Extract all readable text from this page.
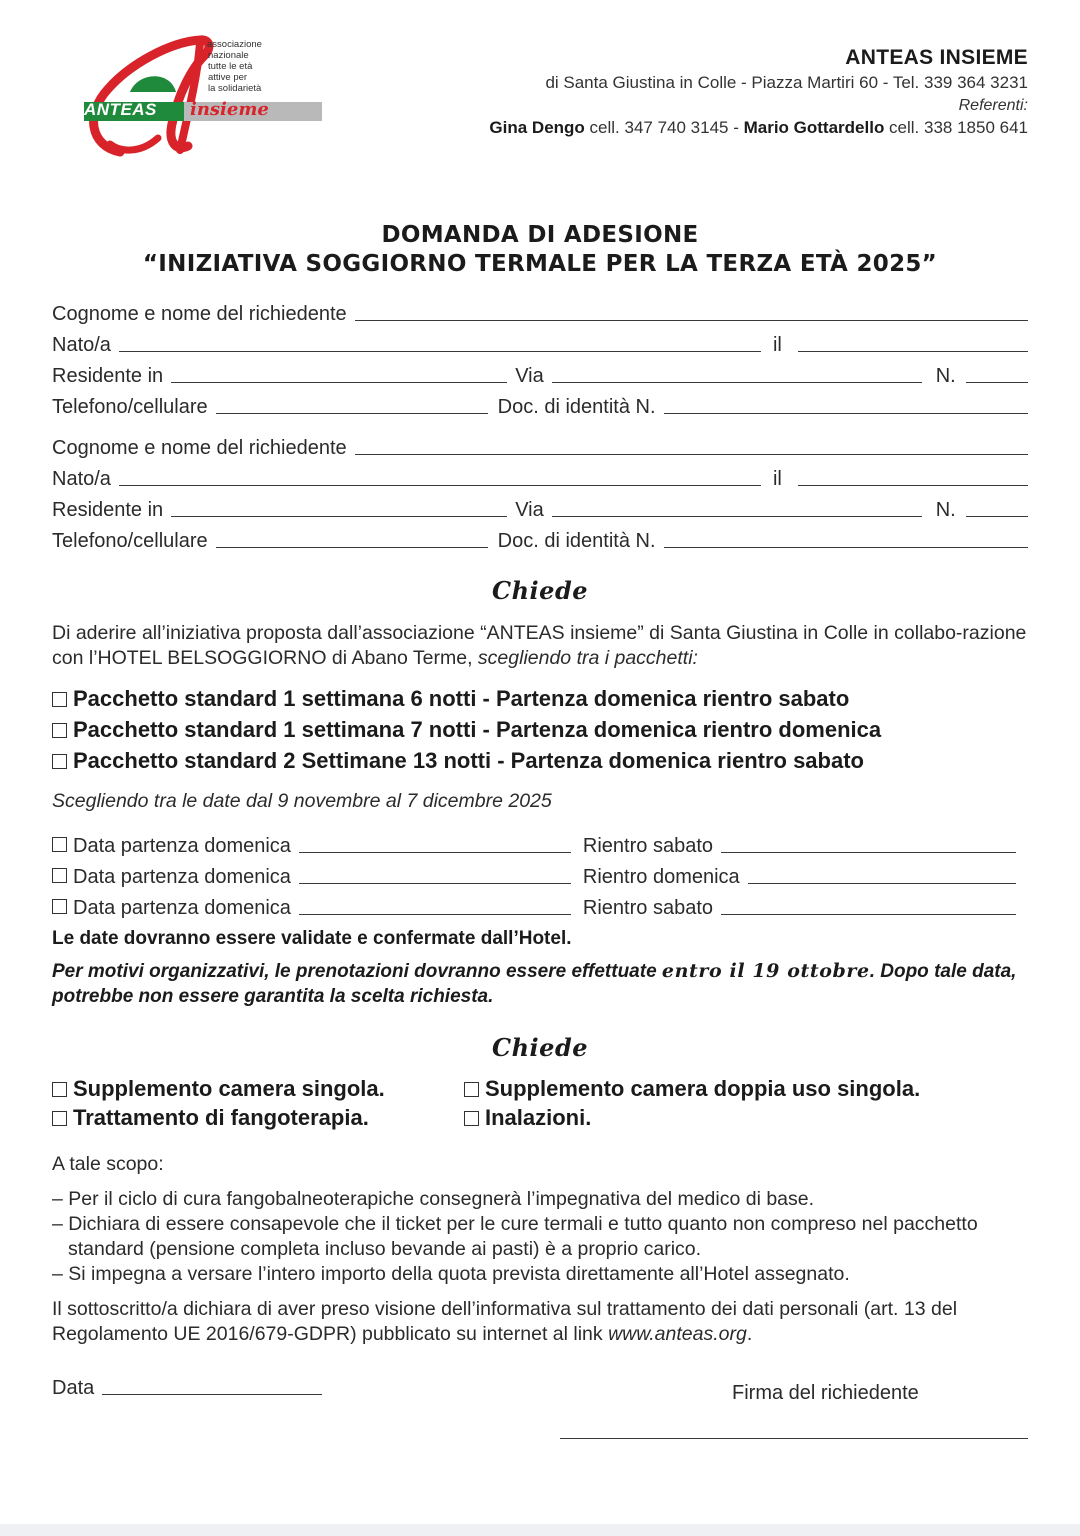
ANTEAS	insieme
associazione
nazionale
tutte le età
attive per
la solidarietà
ANTEAS INSIEME
di Santa Giustina in Colle - Piazza Martiri 60 - Tel. 339 364 3231
Referenti:
Gina Dengo cell. 347 740 3145 - Mario Gottardello cell. 338 1850 641
DOMANDA DI ADESIONE
“INIZIATIVA SOGGIORNO TERMALE PER LA TERZA ETÀ 2025”
Cognome e nome del richiedente
Nato/a	il
Residente in	Via	N.
Telefono/cellulare	Doc. di identità N.
Cognome e nome del richiedente
Nato/a	il
Residente in	Via	N.
Telefono/cellulare	Doc. di identità N.
Chiede
Di aderire all’iniziativa proposta dall’associazione “ANTEAS insieme” di Santa Giustina in Colle in collabo-razione con l’HOTEL BELSOGGIORNO di Abano Terme, scegliendo tra i pacchetti:
Pacchetto standard 1 settimana 6 notti - Partenza domenica rientro sabato
Pacchetto standard 1 settimana 7 notti - Partenza domenica rientro domenica
Pacchetto standard 2 Settimane 13 notti - Partenza domenica rientro sabato
Scegliendo tra le date dal 9 novembre al 7 dicembre 2025
Data partenza domenica	Rientro sabato
Data partenza domenica	Rientro domenica
Data partenza domenica	Rientro sabato
Le date dovranno essere validate e confermate dall’Hotel.
Per motivi organizzativi, le prenotazioni dovranno essere effettuate entro il 19 ottobre. Dopo tale data, potrebbe non essere garantita la scelta richiesta.
Chiede
Supplemento camera singola.	Supplemento camera doppia uso singola.
Trattamento di fangoterapia.	Inalazioni.
A tale scopo:
– Per il ciclo di cura fangobalneoterapiche consegnerà l’impegnativa del medico di base.
– Dichiara di essere consapevole che il ticket per le cure termali e tutto quanto non compreso nel pacchetto
standard (pensione completa incluso bevande ai pasti) è a proprio carico.
– Si impegna a versare l’intero importo della quota prevista direttamente all’Hotel assegnato.
Il sottoscritto/a dichiara di aver preso visione dell’informativa sul trattamento dei dati personali (art. 13 del Regolamento UE 2016/679-GDPR) pubblicato su internet al link www.anteas.org.
Data	Firma del richiedente
